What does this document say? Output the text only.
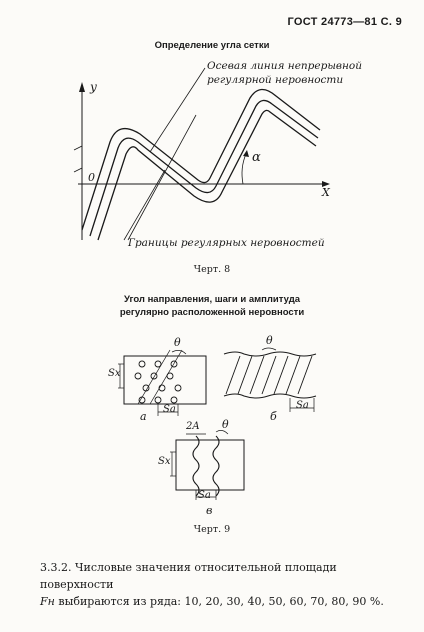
ГОСТ 24773—81 С. 9
Определение угла сетки
Осевая линия непрерывной
регулярной неровности
y
X
0
α
Границы регулярных неровностей
Черт. 8
Угол направления, шаги и амплитуда
регулярно расположенной неровности
Sx
Sa
θ
a
Sa
θ
б
Sx
Sa
2A θ
в
Черт. 9
3.3.2. Числовые значения относительной площади поверхности
Fн выбираются из ряда: 10, 20, 30, 40, 50, 60, 70, 80, 90 %.
